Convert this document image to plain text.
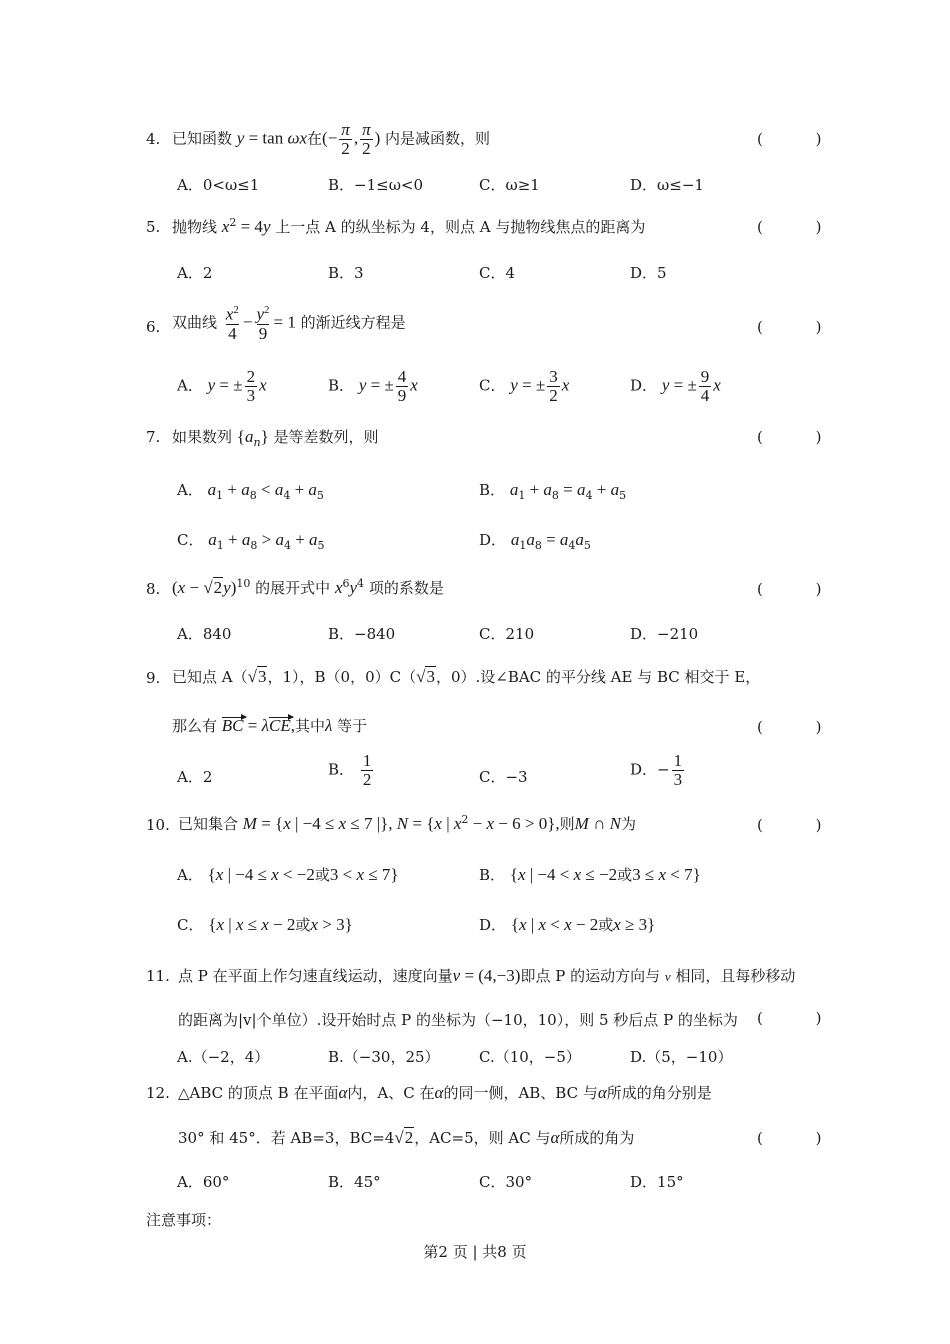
4. 已知函数 y = tan ωx在(− $\frac{\pi}{2}$ , $\frac{\pi}{2}$ ) 内是减函数，则	( )
A．0<ω≤1	B．−1≤ω<0	C．ω≥1	D．ω≤−1
5. 抛物线 $x^2 = 4y$ 上一点 A 的纵坐标为 4，则点 A 与抛物线焦点的距离为	( )
A．2	B．3	C．4	D．5
6. 双曲线 $\frac{x^2}{4} - \frac{y^2}{9} = 1$ 的渐近线方程是	( )
A． y = ± $\frac{2}{3}$ x	B． y = ± $\frac{4}{9}$ x	C． y = ± $\frac{3}{2}$ x	D． y = ± $\frac{9}{4}$ x
7. 如果数列 $\{a_n\}$ 是等差数列，则	( )
A． $a_1 + a_8 < a_4 + a_5$	B． $a_1 + a_8 = a_4 + a_5$
C． $a_1 + a_8 > a_4 + a_5$	D． $a_1a_8 = a_4a_5$
8. $(x - √2y)^{10}$ 的展开式中 $x^6y^4$ 项的系数是	( )
A．840	B．−840	C．210	D．−210
9. 已知点 A（√3，1），B（0，0）C（√3，0）.设∠BAC 的平分线 AE 与 BC 相交于 E，
那么有 BC = λCE,其中λ 等于	( )
A．2	B． $\frac{1}{2}$	C．−3	D．− $\frac{1}{3}$
10. 已知集合 M = {x | −4 ≤ x ≤ 7 |}, N = {x | $x^2 - x - 6 > 0$},则M ∩ N为	( )
A． {x | −4 ≤ x < −2或3 < x ≤ 7}	B． {x | −4 < x ≤ −2或3 ≤ x < 7}
C． {x | x ≤ x − 2或x > 3}	D． {x | x < x − 2或x ≥ 3}
11. 点 P 在平面上作匀速直线运动，速度向量v = (4,−3)即点 P 的运动方向与 v 相同，且每秒移动
的距离为|v|个单位）.设开始时点 P 的坐标为（−10，10），则 5 秒后点 P 的坐标为 ( )
A.（−2，4）	B.（−30，25）	C.（10，−5）	D.（5，−10）
12. △ABC 的顶点 B 在平面α内，A、C 在α的同一侧，AB、BC 与α所成的角分别是
30° 和 45°．若 AB=3，BC=4√2，AC=5，则 AC 与α所成的角为	( )
A．60°	B．45°	C．30°	D．15°
注意事项：
第2 页 | 共8 页
